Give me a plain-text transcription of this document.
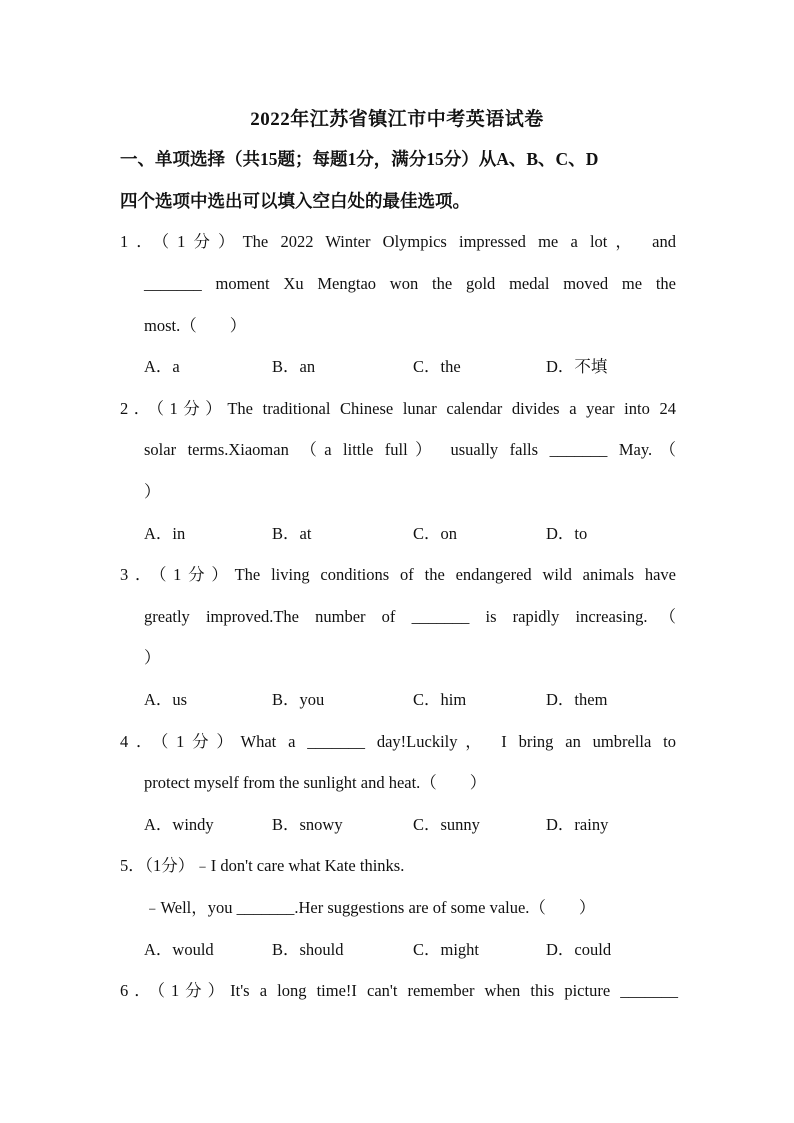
2022年江苏省镇江市中考英语试卷
一、单项选择（共15题；每题1分，满分15分）从A、B、C、D
四个选项中选出可以填入空白处的最佳选项。
1．（1分）The 2022 Winter Olympics impressed me a lot， and
_______ moment Xu Mengtao won the gold medal moved me the
most.（　　）
A．a	B．an	C．the	D．不填
2．（1分）The traditional Chinese lunar calendar divides a year into 24
solar terms.Xiaoman （a little full） usually falls _______ May.（
）
A．in	B．at	C．on	D．to
3．（1分）The living conditions of the endangered wild animals have
greatly improved.The number of _______ is rapidly increasing.（
）
A．us	B．you	C．him	D．them
4．（1分）What a _______ day!Luckily， I bring an umbrella to
protect myself from the sunlight and heat.（　　）
A．windy	B．snowy	C．sunny	D．rainy
5．（1分）﹣I don't care what Kate thinks.
﹣Well，you _______.Her suggestions are of some value.（　　）
A．would	B．should	C．might	D．could
6．（1分）It's a long time!I can't remember when this picture _______
